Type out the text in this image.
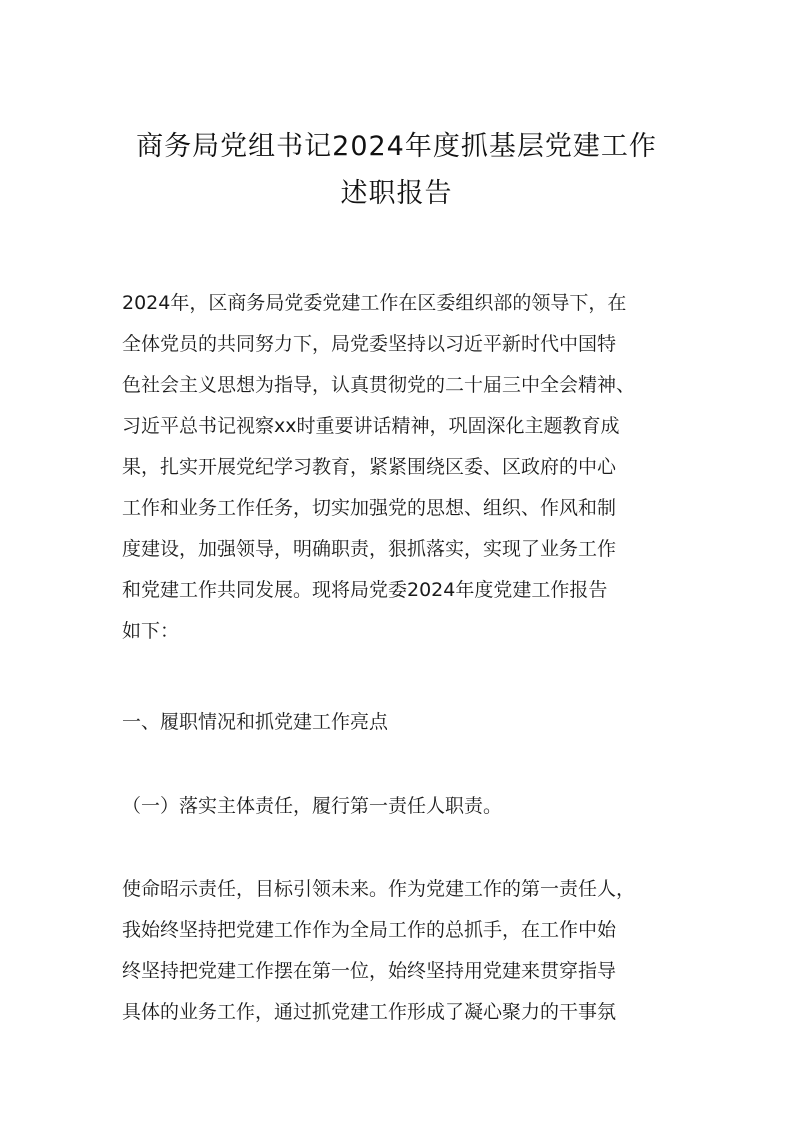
商务局党组书记2024年度抓基层党建工作
述职报告
2024年，区商务局党委党建工作在区委组织部的领导下，在
全体党员的共同努力下，局党委坚持以习近平新时代中国特
色社会主义思想为指导，认真贯彻党的二十届三中全会精神、
习近平总书记视察xx时重要讲话精神，巩固深化主题教育成
果，扎实开展党纪学习教育，紧紧围绕区委、区政府的中心
工作和业务工作任务，切实加强党的思想、组织、作风和制
度建设，加强领导，明确职责，狠抓落实，实现了业务工作
和党建工作共同发展。现将局党委2024年度党建工作报告
如下：
一、履职情况和抓党建工作亮点
（一）落实主体责任，履行第一责任人职责。
使命昭示责任，目标引领未来。作为党建工作的第一责任人，
我始终坚持把党建工作作为全局工作的总抓手，在工作中始
终坚持把党建工作摆在第一位，始终坚持用党建来贯穿指导
具体的业务工作，通过抓党建工作形成了凝心聚力的干事氛
